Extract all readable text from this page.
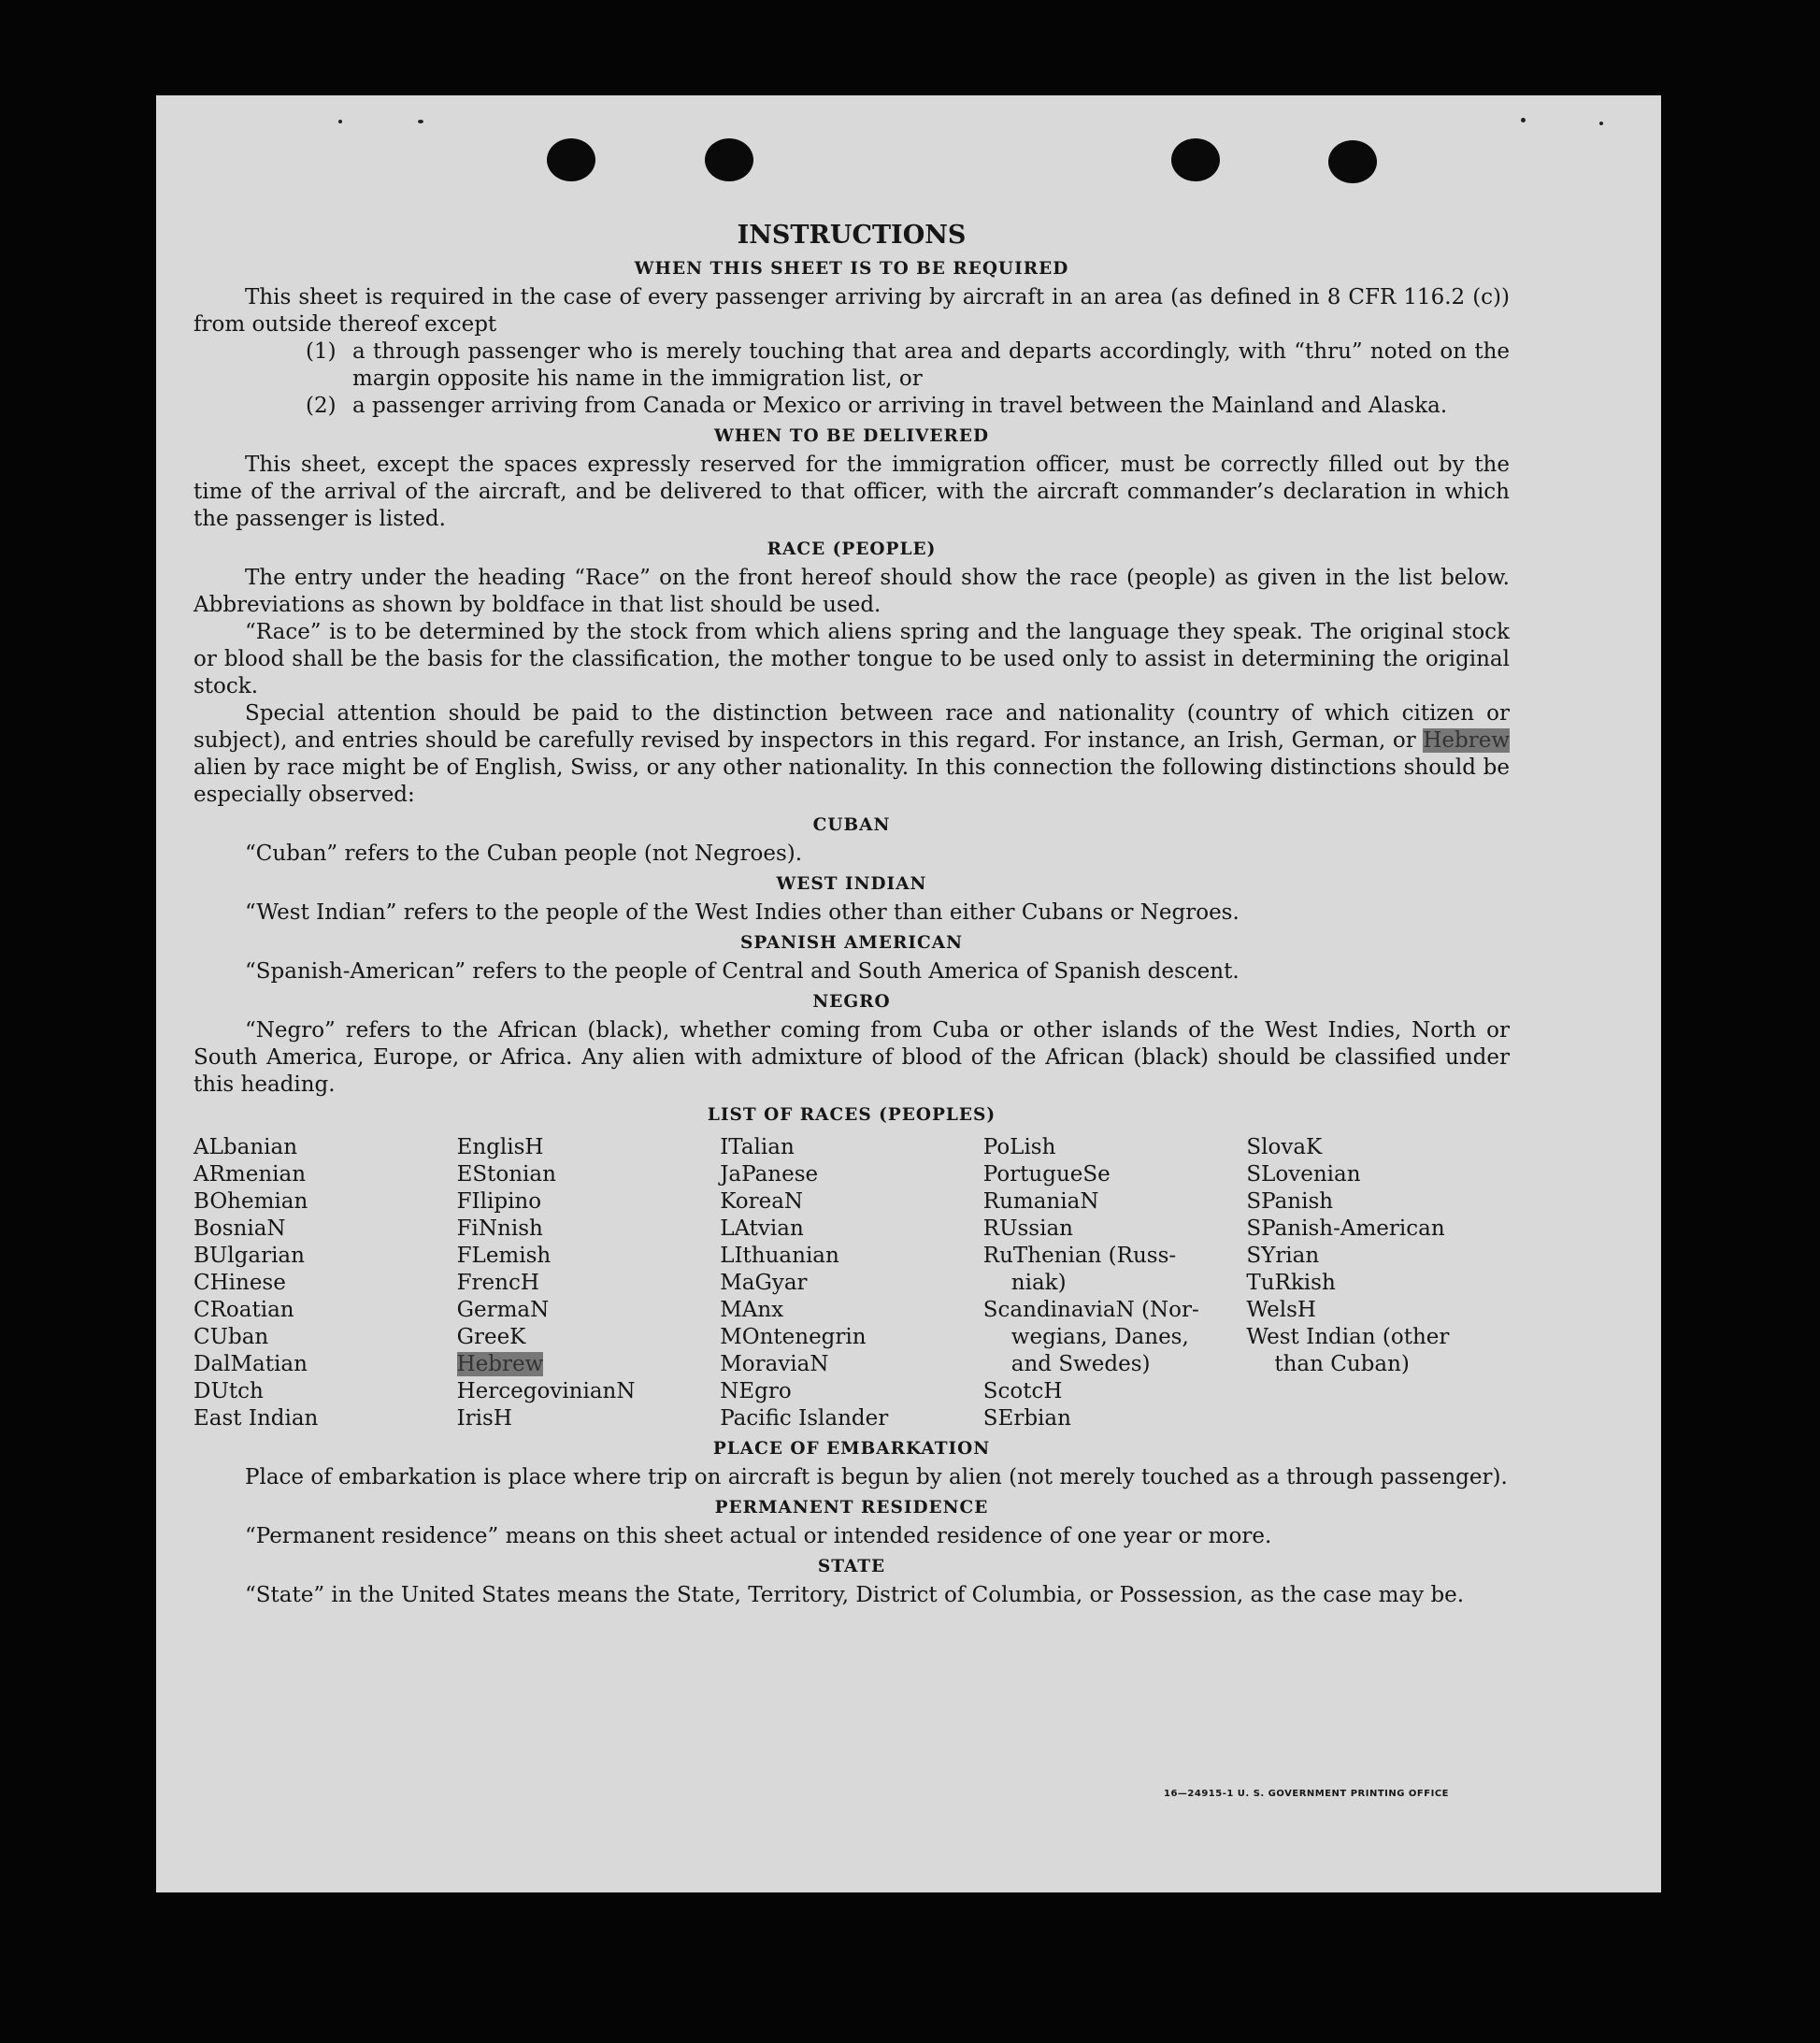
INSTRUCTIONS
WHEN THIS SHEET IS TO BE REQUIRED

This sheet is required in the case of every passenger arriving by aircraft in an area (as defined in 8 CFR 116.2 (c)) from outside thereof except

(1) a through passenger who is merely touching that area and departs accordingly, with “thru” noted on the margin opposite his name in the immigration list, or
(2) a passenger arriving from Canada or Mexico or arriving in travel between the Mainland and Alaska.
WHEN TO BE DELIVERED

This sheet, except the spaces expressly reserved for the immigration officer, must be correctly filled out by the time of the arrival of the aircraft, and be delivered to that officer, with the aircraft commander’s declaration in which the passenger is listed.

RACE (PEOPLE)

The entry under the heading “Race” on the front hereof should show the race (people) as given in the list below. Abbreviations as shown by boldface in that list should be used.

“Race” is to be determined by the stock from which aliens spring and the language they speak. The original stock or blood shall be the basis for the classification, the mother tongue to be used only to assist in determining the original stock.

Special attention should be paid to the distinction between race and nationality (country of which citizen or subject), and entries should be carefully revised by inspectors in this regard. For instance, an Irish, German, or Hebrew alien by race might be of English, Swiss, or any other nationality. In this connection the following distinctions should be especially observed:

CUBAN

“Cuban” refers to the Cuban people (not Negroes).

WEST INDIAN

“West Indian” refers to the people of the West Indies other than either Cubans or Negroes.

SPANISH AMERICAN

“Spanish-American” refers to the people of Central and South America of Spanish descent.

NEGRO

“Negro” refers to the African (black), whether coming from Cuba or other islands of the West Indies, North or South America, Europe, or Africa. Any alien with admixture of blood of the African (black) should be classified under this heading.

LIST OF RACES (PEOPLES)
ALbanian
ARmenian
BOhemian
BosniaN
BUlgarian
CHinese
CRoatian
CUban
DalMatian
DUtch
East Indian
EnglisH
EStonian
FIlipino
FiNnish
FLemish
FrencH
GermaN
GreeK
Hebrew
HercegovinianN
IrisH
ITalian
JaPanese
KoreaN
LAtvian
LIthuanian
MaGyar
MAnx
MOntenegrin
MoraviaN
NEgro
Pacific Islander
PoLish
PortugueSe
RumaniaN
RUssian
RuThenian (Russ-
niak)
ScandinaviaN (Nor-
wegians, Danes,
and Swedes)
ScotcH
SErbian
SlovaK
SLovenian
SPanish
SPanish-American
SYrian
TuRkish
WelsH
West Indian (other
than Cuban)
PLACE OF EMBARKATION

Place of embarkation is place where trip on aircraft is begun by alien (not merely touched as a through passenger).

PERMANENT RESIDENCE

“Permanent residence” means on this sheet actual or intended residence of one year or more.

STATE

“State” in the United States means the State, Territory, District of Columbia, or Possession, as the case may be.

16—24915-1 U. S. GOVERNMENT PRINTING OFFICE
